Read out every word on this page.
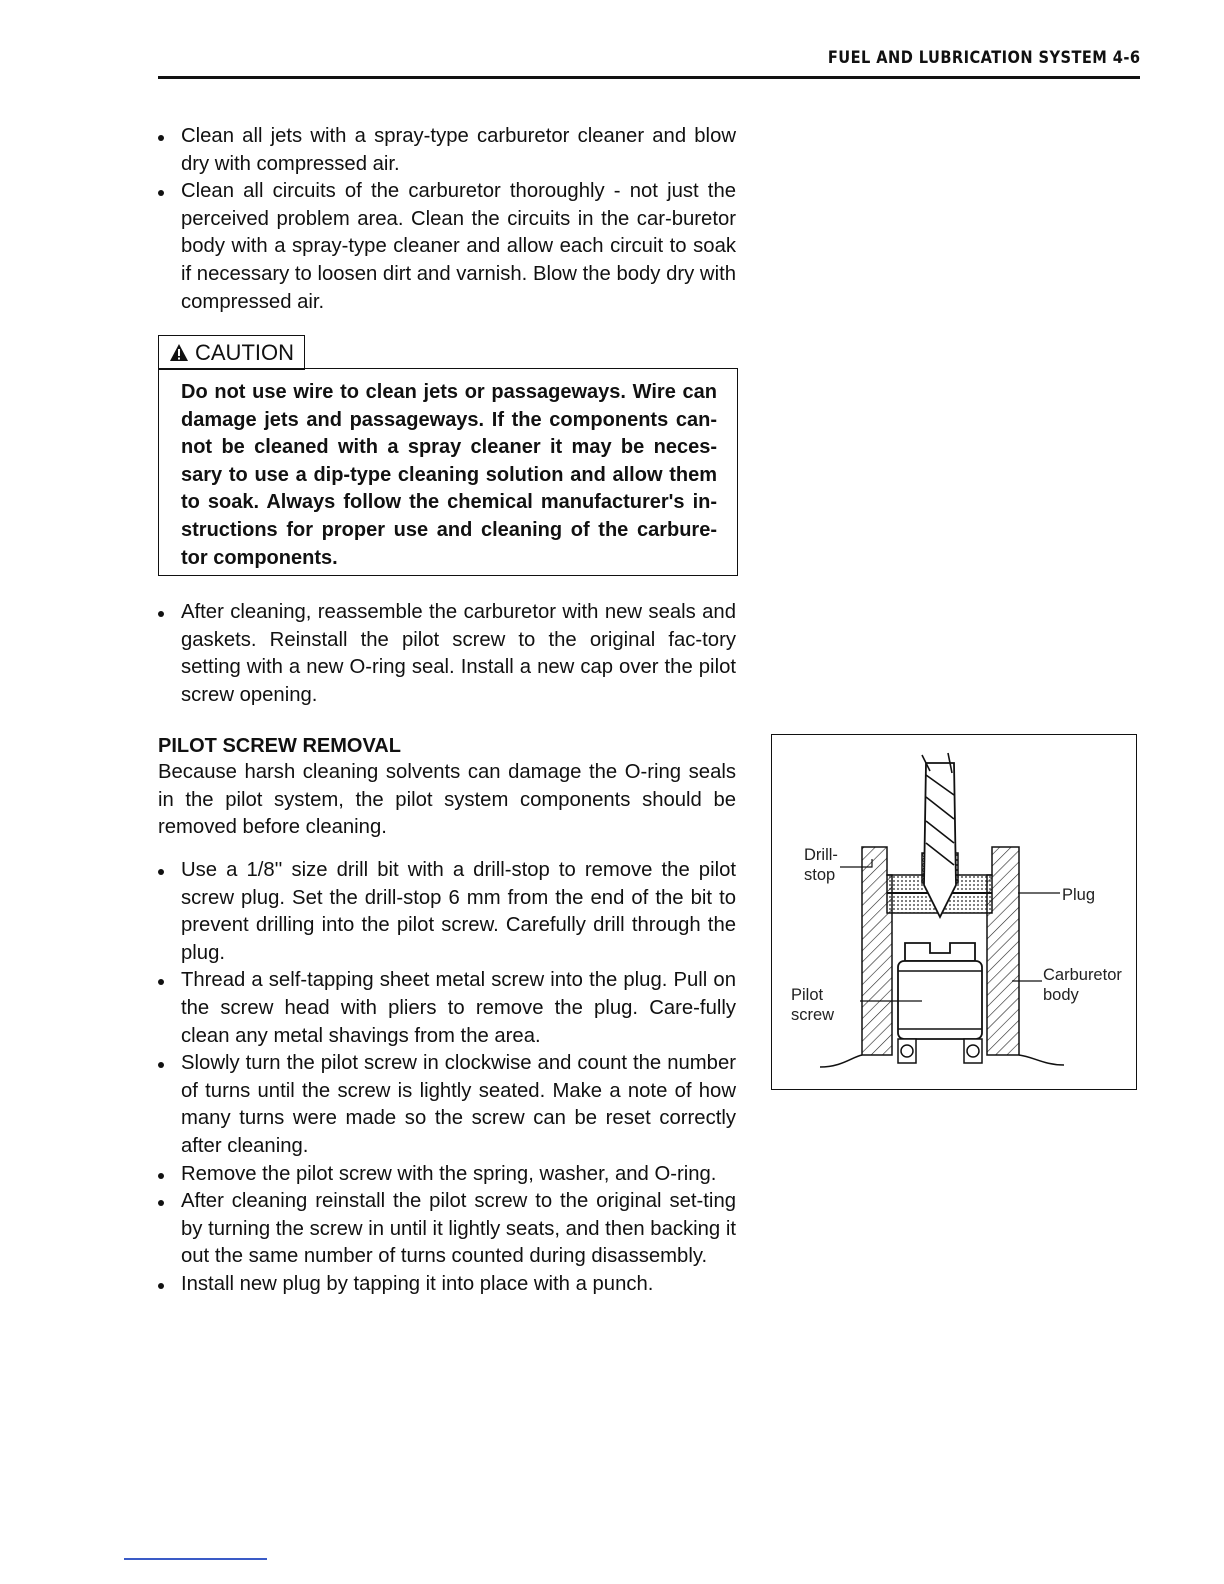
FUEL AND LUBRICATION SYSTEM 4-6
Clean all jets with a spray-type carburetor cleaner and blow dry with compressed air.
Clean all circuits of the carburetor thoroughly - not just the perceived problem area. Clean the circuits in the car-buretor body with a spray-type cleaner and allow each circuit to soak if necessary to loosen dirt and varnish. Blow the body dry with compressed air.
CAUTION
Do not use wire to clean jets or passageways. Wire can damage jets and passageways. If the components can-not be cleaned with a spray cleaner it may be neces-sary to use a dip-type cleaning solution and allow them to soak. Always follow the chemical manufacturer's in-structions for proper use and cleaning of the carbure-tor components.
After cleaning, reassemble the carburetor with new seals and gaskets. Reinstall the pilot screw to the original fac-tory setting with a new O-ring seal. Install a new cap over the pilot screw opening.
PILOT SCREW REMOVAL
Because harsh cleaning solvents can damage the O-ring seals in the pilot system, the pilot system components should be removed before cleaning.
Use a 1/8'' size drill bit with a drill-stop to remove the pilot screw plug. Set the drill-stop 6 mm from the end of the bit to prevent drilling into the pilot screw. Carefully drill through the plug.
Thread a self-tapping sheet metal screw into the plug. Pull on the screw head with pliers to remove the plug. Care-fully clean any metal shavings from the area.
Slowly turn the pilot screw in clockwise and count the number of turns until the screw is lightly seated. Make a note of how many turns were made so the screw can be reset correctly after cleaning.
Remove the pilot screw with the spring, washer, and O-ring.
After cleaning reinstall the pilot screw to the original set-ting by turning the screw in until it lightly seats, and then backing it out the same number of turns counted during disassembly.
Install new plug by tapping it into place with a punch.
Drill-
stop
Plug
Carburetor
body
Pilot
screw
